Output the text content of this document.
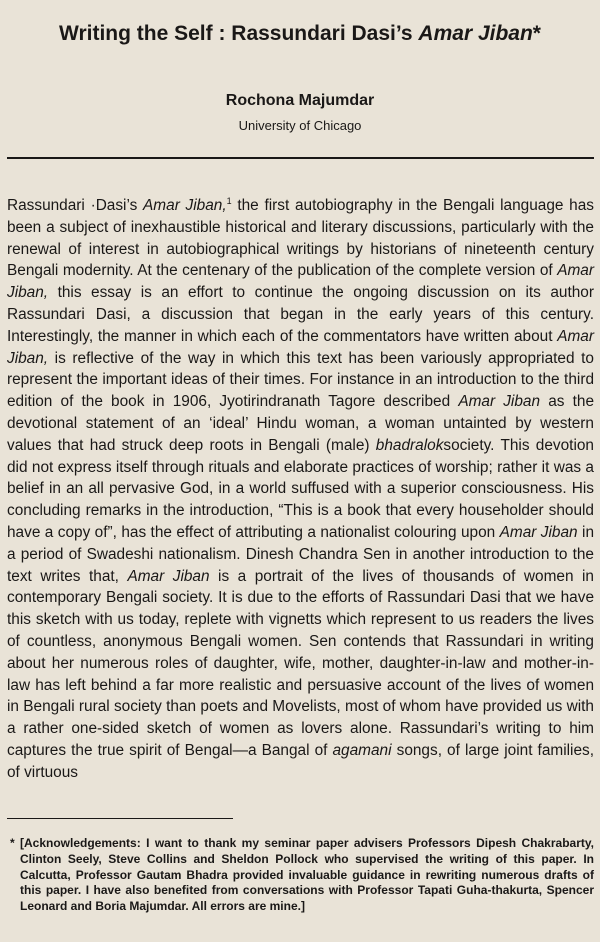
Writing the Self : Rassundari Dasi’s Amar Jiban*
Rochona Majumdar
University of Chicago

Rassundari ·Dasi’s Amar Jiban,$^1$ the first autobiography in the Bengali language has been a subject of inexhaustible historical and literary discussions, particularly with the renewal of interest in autobiographical writings by historians of nineteenth century Bengali modernity. At the centenary of the publication of the complete version of Amar Jiban, this essay is an effort to continue the ongoing discussion on its author Rassundari Dasi, a discussion that began in the early years of this century. Interestingly, the manner in which each of the commentators have written about Amar Jiban, is reflective of the way in which this text has been variously appropriated to represent the important ideas of their times. For instance in an introduction to the third edition of the book in 1906, Jyotirindranath Tagore described Amar Jiban as the devotional statement of an ‘ideal’ Hindu woman, a woman untainted by western values that had struck deep roots in Bengali (male) bhadraloksociety. This devotion did not express itself through rituals and elaborate practices of worship; rather it was a belief in an all pervasive God, in a world suffused with a superior consciousness. His concluding remarks in the introduction, “This is a book that every householder should have a copy of”, has the effect of attributing a nationalist colouring upon Amar Jiban in a period of Swadeshi nationalism. Dinesh Chandra Sen in another introduction to the text writes that, Amar Jiban is a portrait of the lives of thousands of women in contemporary Bengali society. It is due to the efforts of Rassundari Dasi that we have this sketch with us today, replete with vignetts which represent to us readers the lives of countless, anonymous Bengali women. Sen contends that Rassundari in writing about her numerous roles of daughter, wife, mother, daughter-in-law and mother-in-law has left behind a far more realistic and persuasive account of the lives of women in Bengali rural society than poets and Movelists, most of whom have provided us with a rather one-sided sketch of women as lovers alone. Rassundari’s writing to him captures the true spirit of Bengal—a Bangal of agamani songs, of large joint families, of virtuous

* [Acknowledgements: I want to thank my seminar paper advisers Professors Dipesh Chakrabarty, Clinton Seely, Steve Collins and Sheldon Pollock who supervised the writing of this paper. In Calcutta, Professor Gautam Bhadra provided invaluable guidance in rewriting numerous drafts of this paper. I have also benefited from conversations with Professor Tapati Guha-thakurta, Spencer Leonard and Boria Majumdar. All errors are mine.]
